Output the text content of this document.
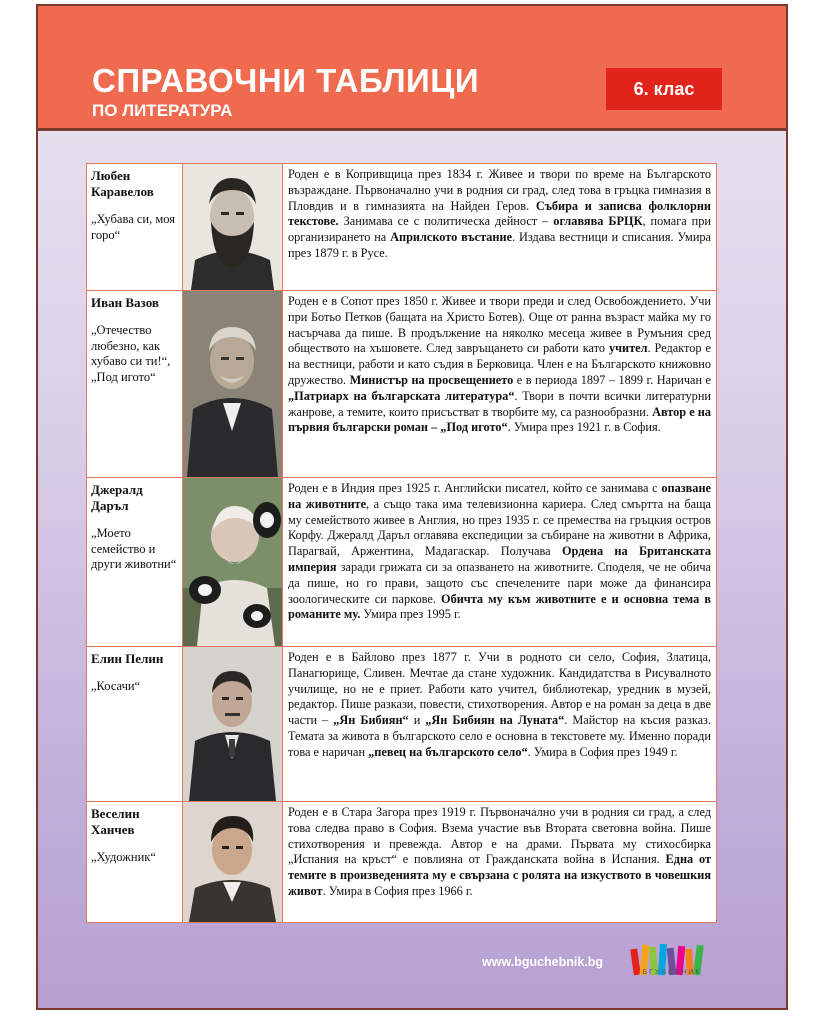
СПРАВОЧНИ ТАБЛИЦИ
ПО ЛИТЕРАТУРА
6. клас
Любен Каравелов
„Хубава си, моя горо“		Роден е в Копривщица през 1834 г. Живее и твори по време на Българското възраждане. Първоначално учи в родния си град, след това в гръцка гимназия в Пловдив и в гимназията на Найден Геров. Събира и записва фолклорни текстове. Занимава се с политическа дейност – оглавява БРЦК, помага при организирането на Априлското въстание. Издава вестници и списания. Умира през 1879 г. в Русе.

Иван Вазов
„Отечество любезно, как хубаво си ти!“, „Под игото“		Роден е в Сопот през 1850 г. Живее и твори преди и след Освобождението. Учи при Ботьо Петков (бащата на Христо Ботев). Още от ранна възраст майка му го насърчава да пише. В продължение на няколко месеца живее в Румъния сред обществото на хъшовете. След завръщането си работи като учител. Редактор е на вестници, работи и като съдия в Берковица. Член е на Българското книжовно дружество. Министър на просвещението е в периода 1897 – 1899 г. Наричан е „Патриарх на българската литература“. Твори в почти всички литературни жанрове, а темите, които присъстват в творбите му, са разнообразни. Автор е на първия български роман – „Под игото“. Умира през 1921 г. в София.

Джералд Даръл
„Моето семейство и други животни“		Роден е в Индия през 1925 г. Английски писател, който се занимава с опазване на животните, а също така има телевизионна кариера. След смъртта на баща му семейството живее в Англия, но през 1935 г. се премества на гръцкия остров Корфу. Джералд Даръл оглавява експедиции за събиране на животни в Африка, Парагвай, Аржентина, Мадагаскар. Получава Ордена на Британската империя заради грижата си за опазването на животните. Споделя, че не обича да пише, но го прави, защото със спечелените пари може да финансира зоологическите си паркове. Обичта му към животните е и основна тема в романите му. Умира през 1995 г.

Елин Пелин
„Косачи“		Роден е в Байлово през 1877 г. Учи в родното си село, София, Златица, Панагюрище, Сливен. Мечтае да стане художник. Кандидатства в Рисувалното училище, но не е приет. Работи като учител, библиотекар, уредник в музей, редактор. Пише разкази, повести, стихотворения. Автор е на роман за деца в две части – „Ян Бибиян“ и „Ян Бибиян на Луната“. Майстор на късия разказ. Темата за живота в българското село е основна в текстовете му. Именно поради това е наричан „певец на българското село“. Умира в София през 1949 г.

Веселин Ханчев
„Художник“		Роден е в Стара Загора през 1919 г. Първоначално учи в родния си град, а след това следва право в София. Взема участие във Втората световна война. Пише стихотворения и превежда. Автор е на драми. Първата му стихосбирка „Испания на кръст“ е повлияна от Гражданската война в Испания. Една от темите в произведенията му е свързана с ролята на изкуството в човешкия живот. Умира в София през 1966 г.
www.bguchebnik.bg
БГУЧЕБНИК
